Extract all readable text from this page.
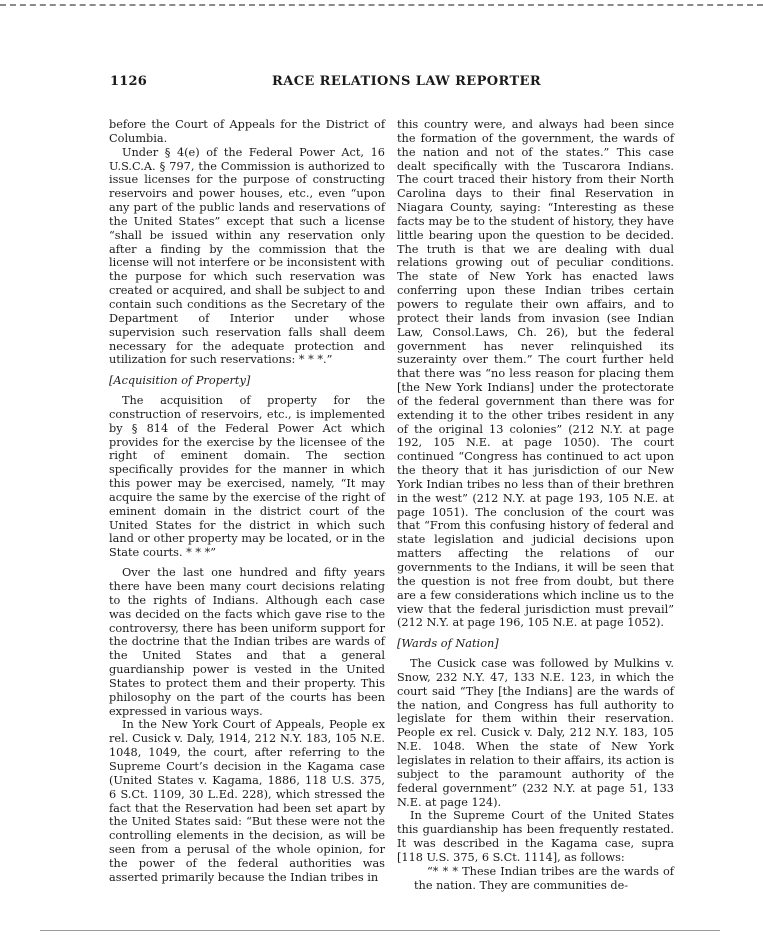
1126	RACE RELATIONS LAW REPORTER

before the Court of Appeals for the District of Columbia.

Under § 4(e) of the Federal Power Act, 16 U.S.C.A. § 797, the Commission is authorized to issue licenses for the purpose of constructing reservoirs and power houses, etc., even “upon any part of the public lands and reservations of the United States” except that such a license “shall be issued within any reservation only after a finding by the commission that the license will not interfere or be inconsistent with the purpose for which such reservation was created or acquired, and shall be subject to and contain such conditions as the Secretary of the Department of Interior under whose supervision such reservation falls shall deem necessary for the adequate protection and utilization for such reservations: * * *.”

[Acquisition of Property]

The acquisition of property for the construction of reservoirs, etc., is implemented by § 814 of the Federal Power Act which provides for the exercise by the licensee of the right of eminent domain. The section specifically provides for the manner in which this power may be exercised, namely, “It may acquire the same by the exercise of the right of eminent domain in the district court of the United States for the district in which such land or other property may be located, or in the State courts. * * *”

Over the last one hundred and fifty years there have been many court decisions relating to the rights of Indians. Although each case was decided on the facts which gave rise to the controversy, there has been uniform support for the doctrine that the Indian tribes are wards of the United States and that a general guardianship power is vested in the United States to protect them and their property. This philosophy on the part of the courts has been expressed in various ways.

In the New York Court of Appeals, People ex rel. Cusick v. Daly, 1914, 212 N.Y. 183, 105 N.E. 1048, 1049, the court, after referring to the Supreme Court’s decision in the Kagama case (United States v. Kagama, 1886, 118 U.S. 375, 6 S.Ct. 1109, 30 L.Ed. 228), which stressed the fact that the Reservation had been set apart by the United States said: “But these were not the controlling elements in the decision, as will be seen from a perusal of the whole opinion, for the power of the federal authorities was asserted primarily because the Indian tribes in

this country were, and always had been since the formation of the government, the wards of the nation and not of the states.” This case dealt specifically with the Tuscarora Indians. The court traced their history from their North Carolina days to their final Reservation in Niagara County, saying: “Interesting as these facts may be to the student of history, they have little bearing upon the question to be decided. The truth is that we are dealing with dual relations growing out of peculiar conditions. The state of New York has enacted laws conferring upon these Indian tribes certain powers to regulate their own affairs, and to protect their lands from invasion (see Indian Law, Consol.Laws, Ch. 26), but the federal government has never relinquished its suzerainty over them.” The court further held that there was “no less reason for placing them [the New York Indians] under the protectorate of the federal government than there was for extending it to the other tribes resident in any of the original 13 colonies” (212 N.Y. at page 192, 105 N.E. at page 1050). The court continued “Congress has continued to act upon the theory that it has jurisdiction of our New York Indian tribes no less than of their brethren in the west” (212 N.Y. at page 193, 105 N.E. at page 1051). The conclusion of the court was that “From this confusing history of federal and state legislation and judicial decisions upon matters affecting the relations of our governments to the Indians, it will be seen that the question is not free from doubt, but there are a few considerations which incline us to the view that the federal jurisdiction must prevail” (212 N.Y. at page 196, 105 N.E. at page 1052).

[Wards of Nation]

The Cusick case was followed by Mulkins v. Snow, 232 N.Y. 47, 133 N.E. 123, in which the court said “They [the Indians] are the wards of the nation, and Congress has full authority to legislate for them within their reservation. People ex rel. Cusick v. Daly, 212 N.Y. 183, 105 N.E. 1048. When the state of New York legislates in relation to their affairs, its action is subject to the paramount authority of the federal government” (232 N.Y. at page 51, 133 N.E. at page 124).

In the Supreme Court of the United States this guardianship has been frequently restated. It was described in the Kagama case, supra [118 U.S. 375, 6 S.Ct. 1114], as follows:

“* * * These Indian tribes are the wards of the nation. They are communities de-
